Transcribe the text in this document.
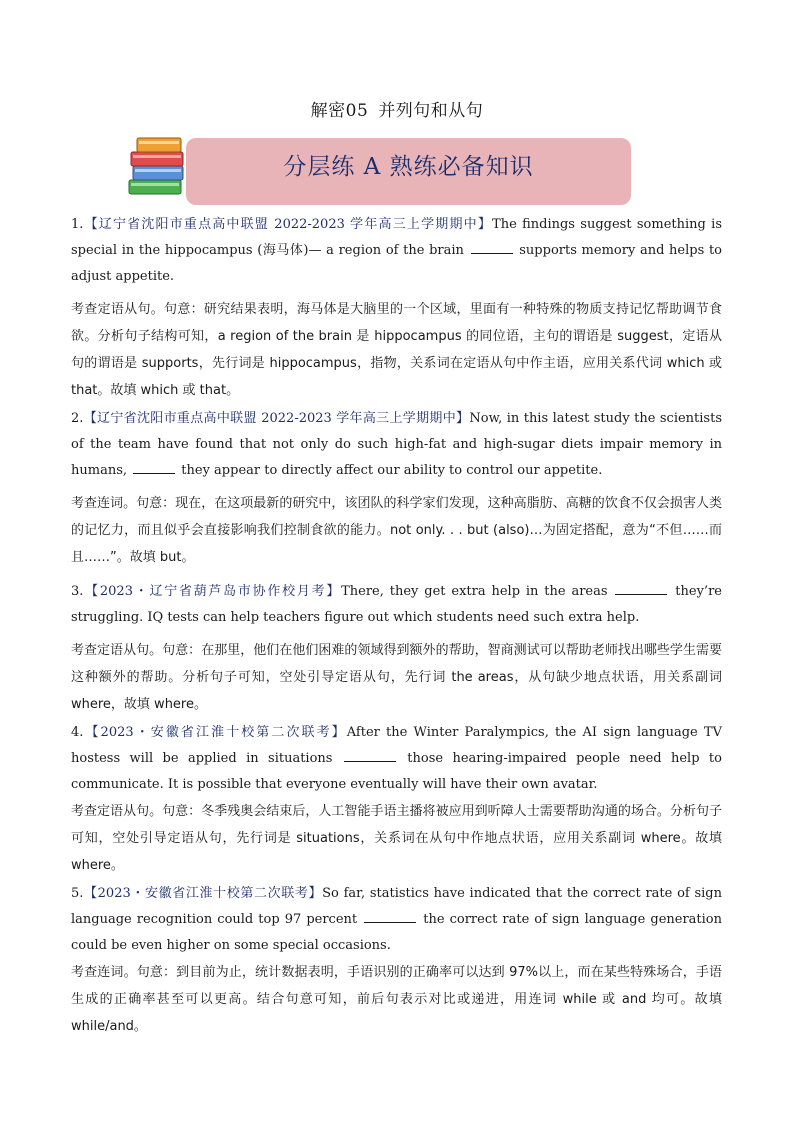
解密05 并列句和从句
分层练 A 熟练必备知识

1.【辽宁省沈阳市重点高中联盟 2022-2023 学年高三上学期期中】The findings suggest something is special in the hippocampus (海马体)— a region of the brain	supports memory and helps to adjust appetite.

考查定语从句。句意：研究结果表明，海马体是大脑里的一个区域，里面有一种特殊的物质支持记忆帮助调节食欲。分析句子结构可知，a region of the brain 是 hippocampus 的同位语，主句的谓语是 suggest，定语从句的谓语是 supports，先行词是 hippocampus，指物，关系词在定语从句中作主语，应用关系代词 which 或 that。故填 which 或 that。

2.【辽宁省沈阳市重点高中联盟 2022-2023 学年高三上学期期中】Now, in this latest study the scientists of the team have found that not only do such high-fat and high-sugar diets impair memory in humans,	they appear to directly affect our ability to control our appetite.

考查连词。句意：现在，在这项最新的研究中，该团队的科学家们发现，这种高脂肪、高糖的饮食不仅会损害人类的记忆力，而且似乎会直接影响我们控制食欲的能力。not only. . . but (also)…为固定搭配，意为“不但……而且……”。故填 but。

3.【2023・辽宁省葫芦岛市协作校月考】There, they get extra help in the areas	they’re struggling. IQ tests can help teachers figure out which students need such extra help.

考查定语从句。句意：在那里，他们在他们困难的领域得到额外的帮助，智商测试可以帮助老师找出哪些学生需要这种额外的帮助。分析句子可知，空处引导定语从句，先行词 the areas，从句缺少地点状语，用关系副词 where，故填 where。

4.【2023・安徽省江淮十校第二次联考】After the Winter Paralympics, the AI sign language TV hostess will be applied in situations	those hearing-impaired people need help to communicate. It is possible that everyone eventually will have their own avatar.

考查定语从句。句意：冬季残奥会结束后，人工智能手语主播将被应用到听障人士需要帮助沟通的场合。分析句子可知，空处引导定语从句，先行词是 situations，关系词在从句中作地点状语，应用关系副词 where。故填 where。

5.【2023・安徽省江淮十校第二次联考】So far, statistics have indicated that the correct rate of sign language recognition could top 97 percent	the correct rate of sign language generation could be even higher on some special occasions.

考查连词。句意：到目前为止，统计数据表明，手语识别的正确率可以达到 97%以上，而在某些特殊场合，手语生成的正确率甚至可以更高。结合句意可知，前后句表示对比或递进，用连词 while 或 and 均可。故填 while/and。
